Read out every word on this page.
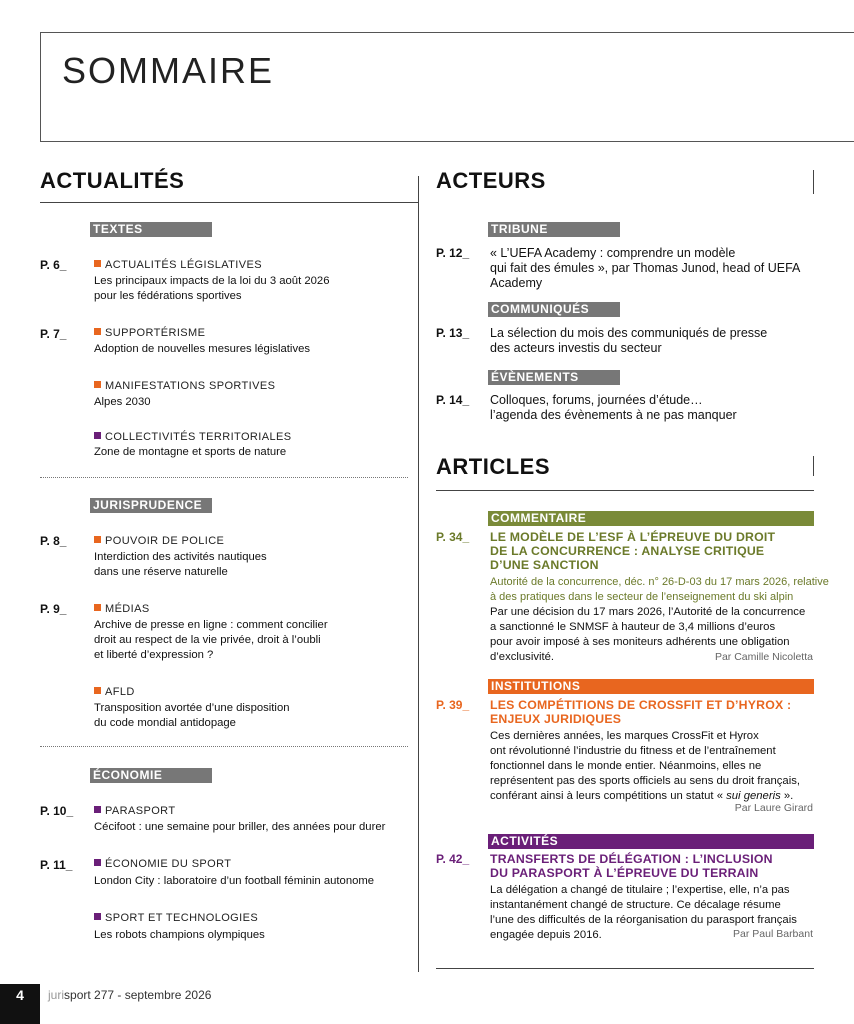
SOMMAIRE
ACTUALITÉS
TEXTES
P. 6_	ACTUALITÉS LÉGISLATIVES
Les principaux impacts de la loi du 3 août 2026
pour les fédérations sportives
P. 7_	SUPPORTÉRISME
Adoption de nouvelles mesures législatives
MANIFESTATIONS SPORTIVES
Alpes 2030
COLLECTIVITÉS TERRITORIALES
Zone de montagne et sports de nature
JURISPRUDENCE
P. 8_	POUVOIR DE POLICE
Interdiction des activités nautiques
dans une réserve naturelle
P. 9_	MÉDIAS
Archive de presse en ligne : comment concilier
droit au respect de la vie privée, droit à l’oubli
et liberté d’expression ?
AFLD
Transposition avortée d’une disposition
du code mondial antidopage
ÉCONOMIE
P. 10_	PARASPORT
Cécifoot : une semaine pour briller, des années pour durer
P. 11_	ÉCONOMIE DU SPORT
London City : laboratoire d’un football féminin autonome
SPORT ET TECHNOLOGIES
Les robots champions olympiques
ACTEURS
TRIBUNE
P. 12_ « L’UEFA Academy : comprendre un modèle
qui fait des émules », par Thomas Junod, head of UEFA
Academy
COMMUNIQUÉS
P. 13_ La sélection du mois des communiqués de presse
des acteurs investis du secteur
ÉVÈNEMENTS
P. 14_ Colloques, forums, journées d’étude…
l’agenda des évènements à ne pas manquer
ARTICLES
COMMENTAIRE
P. 34_ LE MODÈLE DE L’ESF À L’ÉPREUVE DU DROIT
DE LA CONCURRENCE : ANALYSE CRITIQUE
D’UNE SANCTION
Autorité de la concurrence, déc. n° 26-D-03 du 17 mars 2026, relative
à des pratiques dans le secteur de l’enseignement du ski alpin
Par une décision du 17 mars 2026, l’Autorité de la concurrence
a sanctionné le SNMSF à hauteur de 3,4 millions d’euros
pour avoir imposé à ses moniteurs adhérents une obligation
d’exclusivité.	Par Camille Nicoletta
INSTITUTIONS
P. 39_ LES COMPÉTITIONS DE CROSSFIT ET D’HYROX :
ENJEUX JURIDIQUES
Ces dernières années, les marques CrossFit et Hyrox
ont révolutionné l’industrie du fitness et de l’entraînement
fonctionnel dans le monde entier. Néanmoins, elles ne
représentent pas des sports officiels au sens du droit français,
conférant ainsi à leurs compétitions un statut « sui generis ».
Par Laure Girard
ACTIVITÉS
P. 42_ TRANSFERTS DE DÉLÉGATION : L’INCLUSION
DU PARASPORT À L’ÉPREUVE DU TERRAIN
La délégation a changé de titulaire ; l’expertise, elle, n’a pas
instantanément changé de structure. Ce décalage résume
l’une des difficultés de la réorganisation du parasport français
engagée depuis 2016.	Par Paul Barbant
4	jurisport 277 - septembre 2026
